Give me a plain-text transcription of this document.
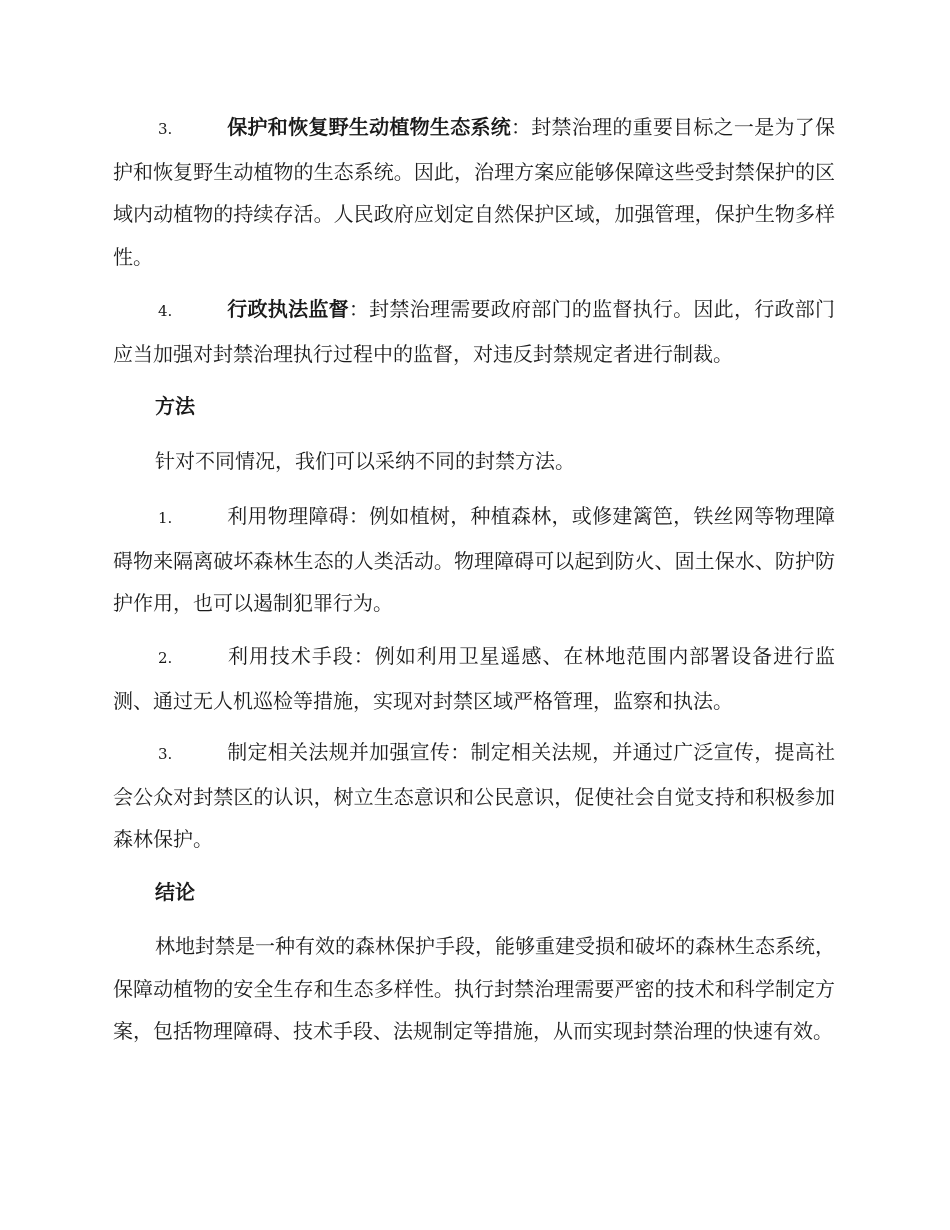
3.	保护和恢复野生动植物生态系统：封禁治理的重要目标之一是为了保护和恢复野生动植物的生态系统。因此，治理方案应能够保障这些受封禁保护的区域内动植物的持续存活。人民政府应划定自然保护区域，加强管理，保护生物多样性。

4.	行政执法监督：封禁治理需要政府部门的监督执行。因此，行政部门应当加强对封禁治理执行过程中的监督，对违反封禁规定者进行制裁。

方法

针对不同情况，我们可以采纳不同的封禁方法。

1.	利用物理障碍：例如植树，种植森林，或修建篱笆，铁丝网等物理障碍物来隔离破坏森林生态的人类活动。物理障碍可以起到防火、固土保水、防护防护作用，也可以遏制犯罪行为。

2.	利用技术手段：例如利用卫星遥感、在林地范围内部署设备进行监测、通过无人机巡检等措施，实现对封禁区域严格管理，监察和执法。

3.	制定相关法规并加强宣传：制定相关法规，并通过广泛宣传，提高社会公众对封禁区的认识，树立生态意识和公民意识，促使社会自觉支持和积极参加森林保护。

结论

林地封禁是一种有效的森林保护手段，能够重建受损和破坏的森林生态系统，保障动植物的安全生存和生态多样性。执行封禁治理需要严密的技术和科学制定方案，包括物理障碍、技术手段、法规制定等措施，从而实现封禁治理的快速有效。
